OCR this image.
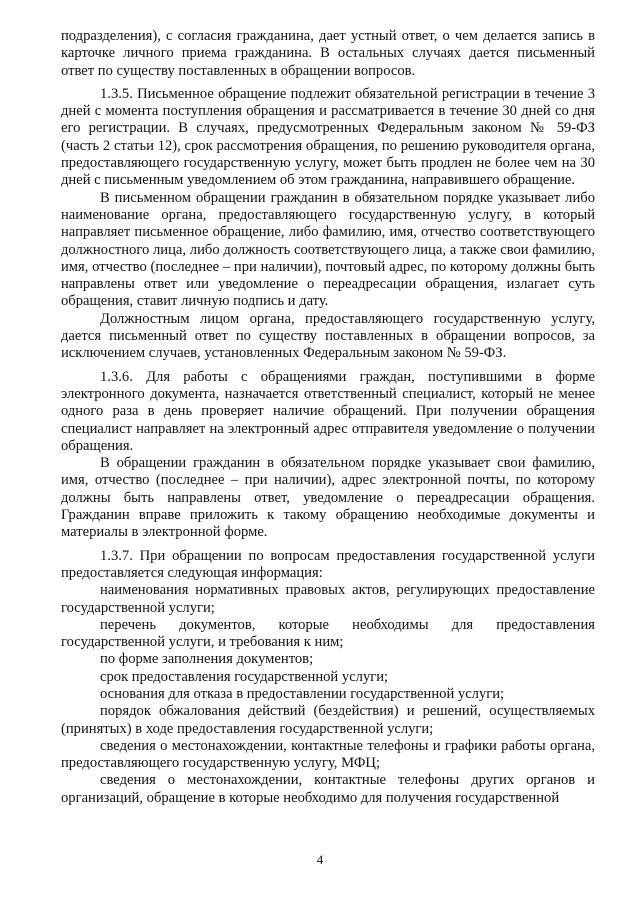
подразделения), с согласия гражданина, дает устный ответ, о чем делается запись в карточке личного приема гражданина. В остальных случаях дается письменный ответ по существу поставленных в обращении вопросов.

1.3.5. Письменное обращение подлежит обязательной регистрации в течение 3 дней с момента поступления обращения и рассматривается в течение 30 дней со дня его регистрации. В случаях, предусмотренных Федеральным законом № 59-ФЗ (часть 2 статьи 12), срок рассмотрения обращения, по решению руководителя органа, предоставляющего государственную услугу, может быть продлен не более чем на 30 дней с письменным уведомлением об этом гражданина, направившего обращение.

В письменном обращении гражданин в обязательном порядке указывает либо наименование органа, предоставляющего государственную услугу, в который направляет письменное обращение, либо фамилию, имя, отчество соответствующего должностного лица, либо должность соответствующего лица, а также свои фамилию, имя, отчество (последнее – при наличии), почтовый адрес, по которому должны быть направлены ответ или уведомление о переадресации обращения, излагает суть обращения, ставит личную подпись и дату.

Должностным лицом органа, предоставляющего государственную услугу, дается письменный ответ по существу поставленных в обращении вопросов, за исключением случаев, установленных Федеральным законом № 59-ФЗ.

1.3.6. Для работы с обращениями граждан, поступившими в форме электронного документа, назначается ответственный специалист, который не менее одного раза в день проверяет наличие обращений. При получении обращения специалист направляет на электронный адрес отправителя уведомление о получении обращения.

В обращении гражданин в обязательном порядке указывает свои фамилию, имя, отчество (последнее – при наличии), адрес электронной почты, по которому должны быть направлены ответ, уведомление о переадресации обращения. Гражданин вправе приложить к такому обращению необходимые документы и материалы в электронной форме.

1.3.7. При обращении по вопросам предоставления государственной услуги предоставляется следующая информация:

наименования нормативных правовых актов, регулирующих предоставление государственной услуги;

перечень документов, которые необходимы для предоставления государственной услуги, и требования к ним;

по форме заполнения документов;

срок предоставления государственной услуги;

основания для отказа в предоставлении государственной услуги;

порядок обжалования действий (бездействия) и решений, осуществляемых (принятых) в ходе предоставления государственной услуги;

сведения о местонахождении, контактные телефоны и графики работы органа, предоставляющего государственную услугу, МФЦ;

сведения о местонахождении, контактные телефоны других органов и организаций, обращение в которые необходимо для получения государственной

4
